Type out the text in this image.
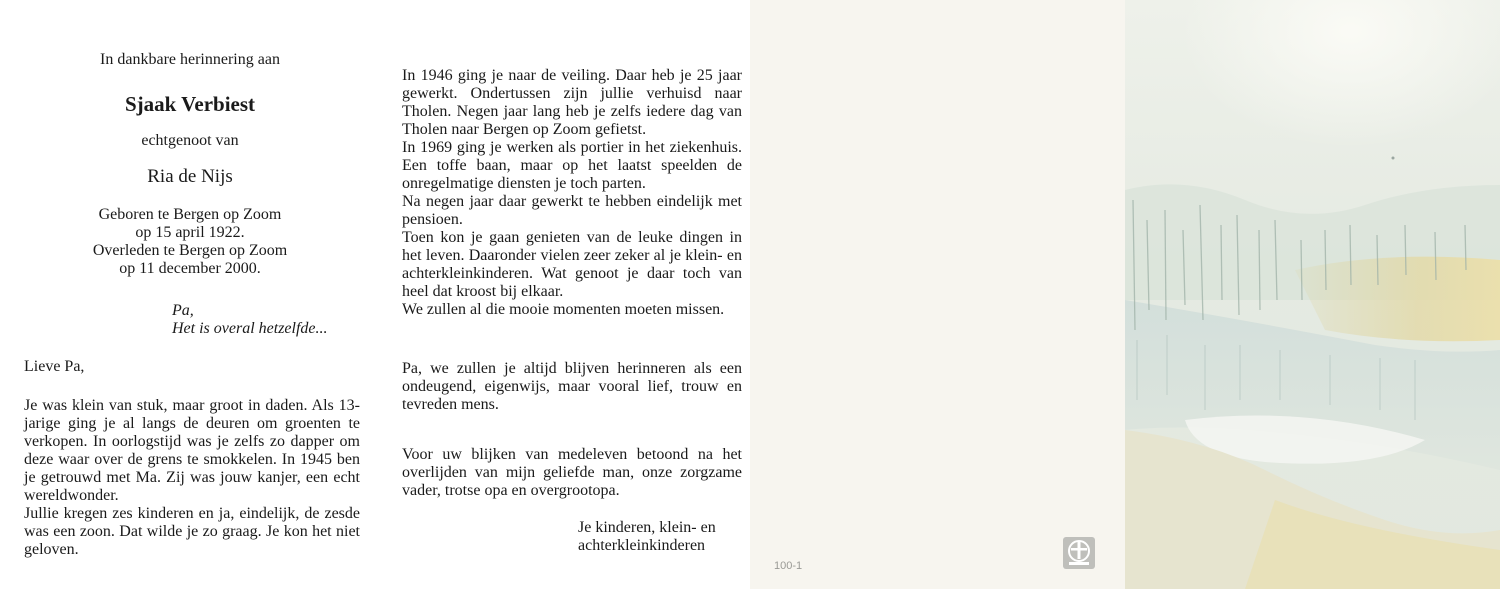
In dankbare herinnering aan
Sjaak Verbiest
echtgenoot van
Ria de Nijs
Geboren te Bergen op Zoom
op 15 april 1922.
Overleden te Bergen op Zoom
op 11 december 2000.
Pa,
Het is overal hetzelfde...
Lieve Pa,

Je was klein van stuk, maar groot in daden. Als 13-jarige ging je al langs de deuren om groenten te verkopen. In oorlogstijd was je zelfs zo dapper om deze waar over de grens te smokkelen. In 1945 ben je getrouwd met Ma. Zij was jouw kanjer, een echt wereldwonder.

Jullie kregen zes kinderen en ja, eindelijk, de zesde was een zoon. Dat wilde je zo graag. Je kon het niet geloven.

In 1946 ging je naar de veiling. Daar heb je 25 jaar gewerkt. Ondertussen zijn jullie verhuisd naar Tholen. Negen jaar lang heb je zelfs iedere dag van Tholen naar Bergen op Zoom gefietst.

In 1969 ging je werken als portier in het ziekenhuis. Een toffe baan, maar op het laatst speelden de onregelmatige diensten je toch parten.

Na negen jaar daar gewerkt te hebben eindelijk met pensioen.

Toen kon je gaan genieten van de leuke dingen in het leven. Daaronder vielen zeer zeker al je klein- en achterkleinkinderen. Wat genoot je daar toch van heel dat kroost bij elkaar.

We zullen al die mooie momenten moeten missen.

Pa, we zullen je altijd blijven herinneren als een ondeugend, eigenwijs, maar vooral lief, trouw en tevreden mens.

Voor uw blijken van medeleven betoond na het overlijden van mijn geliefde man, onze zorgzame vader, trotse opa en overgrootopa.

Je kinderen, klein- en
achterkleinkinderen
100-1
